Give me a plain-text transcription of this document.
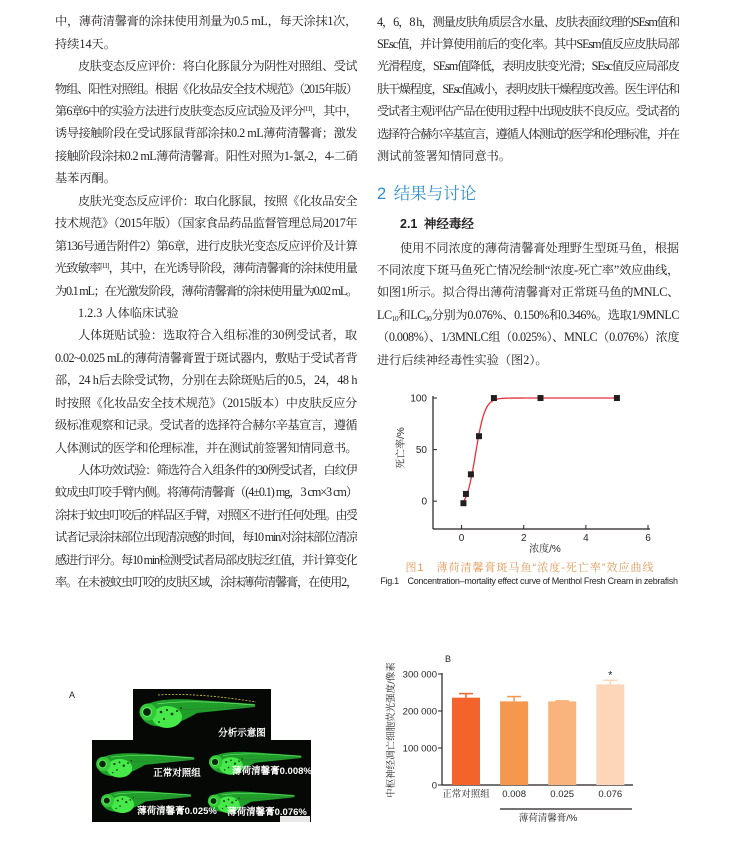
中，薄荷清馨膏的涂抹使用剂量为0.5 mL，每天涂抹1次，
持续14天。
皮肤变态反应评价：将白化豚鼠分为阴性对照组、受试
物组、阳性对照组。根据《化妆品安全技术规范》（2015年版）
第6章6中的实验方法进行皮肤变态反应试验及评分[11]，其中，
诱导接触阶段在受试豚鼠背部涂抹0.2 mL薄荷清馨膏；激发
接触阶段涂抹0.2 mL薄荷清馨膏。阳性对照为1-氯-2，4-二硝
基苯丙酮。
皮肤光变态反应评价：取白化豚鼠，按照《化妆品安全
技术规范》（2015年版）（国家食品药品监督管理总局2017年
第136号通告附件2）第6章，进行皮肤光变态反应评价及计算
光致敏率[11]，其中，在光诱导阶段，薄荷清馨膏的涂抹使用量
为0.1 mL；在光激发阶段，薄荷清馨膏的涂抹使用量为0.02 mL。
1.2.3 人体临床试验
人体斑贴试验：选取符合入组标准的30例受试者，取
0.02~0.025 mL的薄荷清馨膏置于斑试器内，敷贴于受试者背
部，24 h后去除受试物，分别在去除斑贴后的0.5，24，48 h
时按照《化妆品安全技术规范》（2015版本）中皮肤反应分
级标准观察和记录。受试者的选择符合赫尔辛基宣言，遵循
人体测试的医学和伦理标准，并在测试前签署知情同意书。
人体功效试验：筛选符合入组条件的30例受试者，白纹伊
蚊成虫叮咬手臂内侧。将薄荷清馨膏（(4±0.1) mg，3 cm×3 cm）
涂抹于蚊虫叮咬后的样品区手臂，对照区不进行任何处理。由受
试者记录涂抹部位出现清凉感的时间，每10 min对涂抹部位清凉
感进行评分。每10 min检测受试者局部皮肤泛红值，并计算变化
率。在未被蚊虫叮咬的皮肤区域，涂抹薄荷清馨膏，在使用2，
4，6，8 h，测量皮肤角质层含水量、皮肤表面纹理的SEsm值和
SEsc值，并计算使用前后的变化率。其中SEsm值反应皮肤局部
光滑程度，SEsm值降低，表明皮肤变光滑；SEsc值反应局部皮
肤干燥程度，SEsc值减小，表明皮肤干燥程度改善。医生评估和
受试者主观评估产品在使用过程中出现皮肤不良反应。受试者的
选择符合赫尔辛基宣言，遵循人体测试的医学和伦理标准，并在
测试前签署知情同意书。
2 结果与讨论
2.1 神经毒经
使用不同浓度的薄荷清馨膏处理野生型斑马鱼，根据
不同浓度下斑马鱼死亡情况绘制“浓度-死亡率”效应曲线，
如图1所示。拟合得出薄荷清馨膏对正常斑马鱼的MNLC、
$LC_{10}$和$LC_{90}$分别为0.076%、0.150%和0.346%。选取1/9MNLC
（0.008%）、1/3MNLC组（0.025%）、MNLC（0.076%）浓度
进行后续神经毒性实验（图2）。
0
50
100
0	2	4	6
浓度/%
死亡率/%
图1　薄荷清馨膏斑马鱼“浓度-死亡率”效应曲线
Fig.1　Concentration–mortality effect curve of Menthol Fresh Cream in zebrafish
A
分析示意图
正常对照组	薄荷清馨膏0.008%
薄荷清馨膏0.025% 薄荷清馨膏0.076%
B
0
100 000
200 000
300 000
正常对照组 0.008	0.025
*
0.076
薄荷清馨膏/%
中枢神经凋亡细胞荧光强度/像素
